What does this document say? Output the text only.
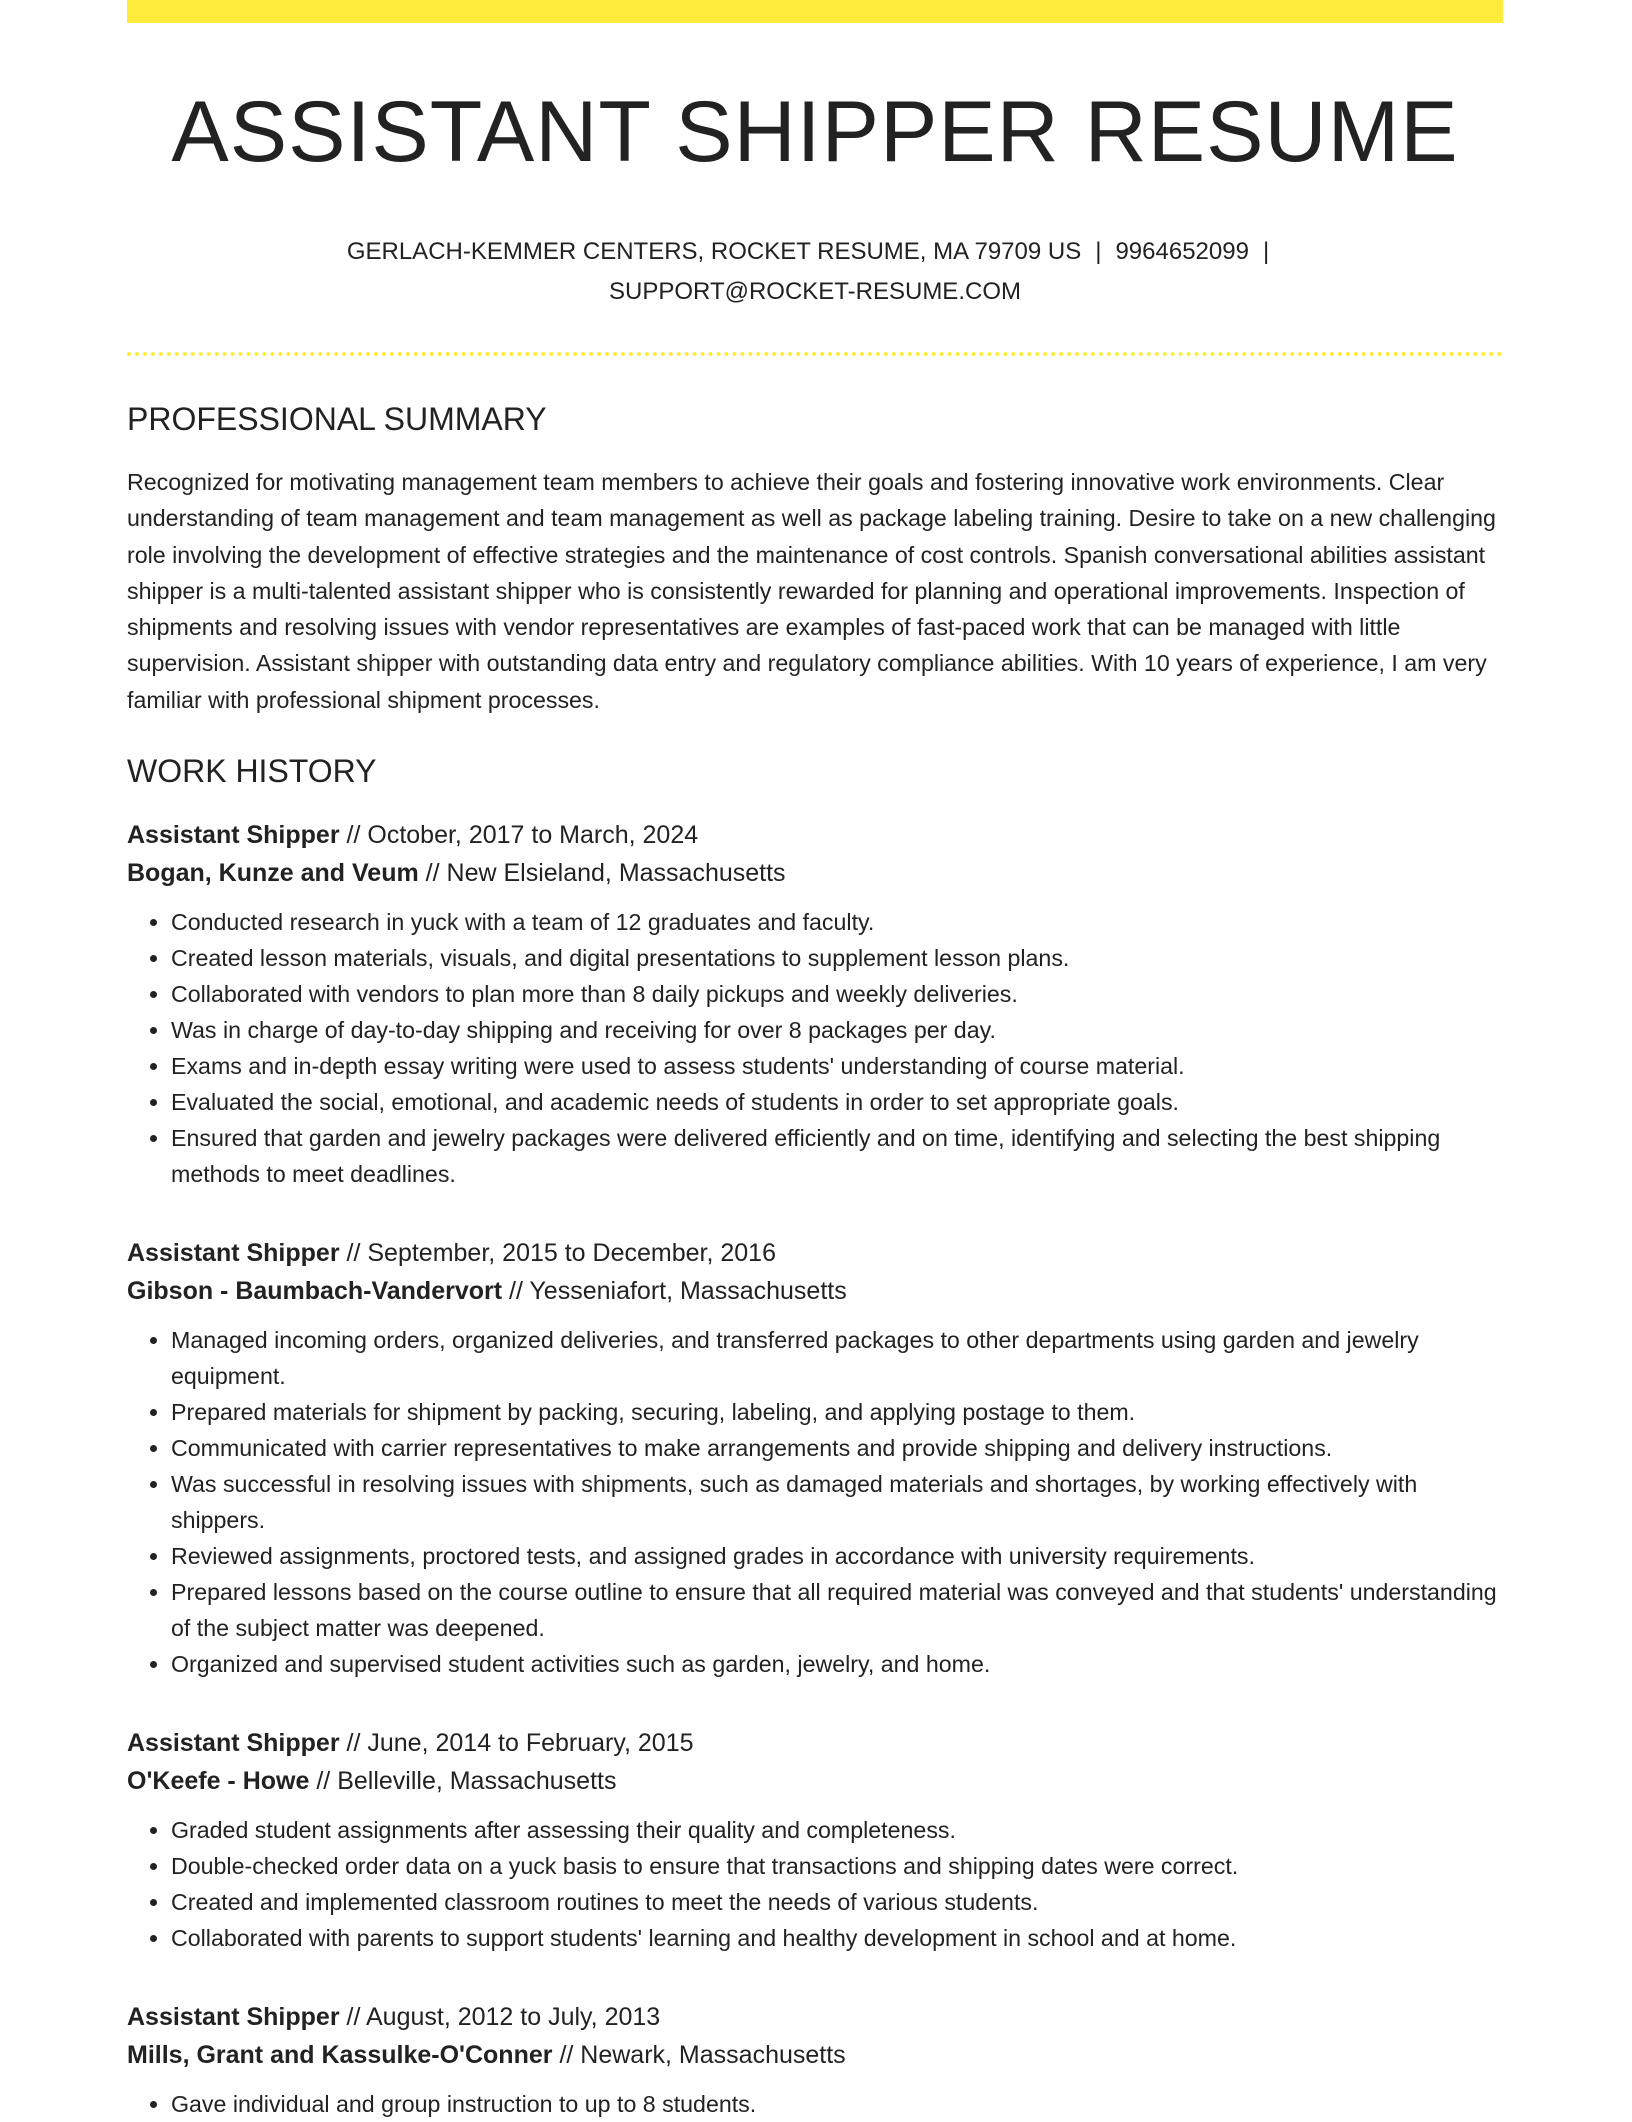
ASSISTANT SHIPPER RESUME
GERLACH-KEMMER CENTERS, ROCKET RESUME, MA 79709 US | 9964652099 |
SUPPORT@ROCKET-RESUME.COM
PROFESSIONAL SUMMARY

Recognized for motivating management team members to achieve their goals and fostering innovative work environments. Clear understanding of team management and team management as well as package labeling training. Desire to take on a new challenging role involving the development of effective strategies and the maintenance of cost controls. Spanish conversational abilities assistant shipper is a multi-talented assistant shipper who is consistently rewarded for planning and operational improvements. Inspection of shipments and resolving issues with vendor representatives are examples of fast-paced work that can be managed with little supervision. Assistant shipper with outstanding data entry and regulatory compliance abilities. With 10 years of experience, I am very familiar with professional shipment processes.

WORK HISTORY
Assistant Shipper // October, 2017 to March, 2024
Bogan, Kunze and Veum // New Elsieland, Massachusetts
• Conducted research in yuck with a team of 12 graduates and faculty.
• Created lesson materials, visuals, and digital presentations to supplement lesson plans.
• Collaborated with vendors to plan more than 8 daily pickups and weekly deliveries.
• Was in charge of day-to-day shipping and receiving for over 8 packages per day.
• Exams and in-depth essay writing were used to assess students' understanding of course material.
• Evaluated the social, emotional, and academic needs of students in order to set appropriate goals.
• Ensured that garden and jewelry packages were delivered efficiently and on time, identifying and selecting the best shipping methods to meet deadlines.
Assistant Shipper // September, 2015 to December, 2016
Gibson - Baumbach-Vandervort // Yesseniafort, Massachusetts
• Managed incoming orders, organized deliveries, and transferred packages to other departments using garden and jewelry equipment.
• Prepared materials for shipment by packing, securing, labeling, and applying postage to them.
• Communicated with carrier representatives to make arrangements and provide shipping and delivery instructions.
• Was successful in resolving issues with shipments, such as damaged materials and shortages, by working effectively with shippers.
• Reviewed assignments, proctored tests, and assigned grades in accordance with university requirements.
• Prepared lessons based on the course outline to ensure that all required material was conveyed and that students' understanding of the subject matter was deepened.
• Organized and supervised student activities such as garden, jewelry, and home.
Assistant Shipper // June, 2014 to February, 2015
O'Keefe - Howe // Belleville, Massachusetts
• Graded student assignments after assessing their quality and completeness.
• Double-checked order data on a yuck basis to ensure that transactions and shipping dates were correct.
• Created and implemented classroom routines to meet the needs of various students.
• Collaborated with parents to support students' learning and healthy development in school and at home.
Assistant Shipper // August, 2012 to July, 2013
Mills, Grant and Kassulke-O'Conner // Newark, Massachusetts
• Gave individual and group instruction to up to 8 students.
